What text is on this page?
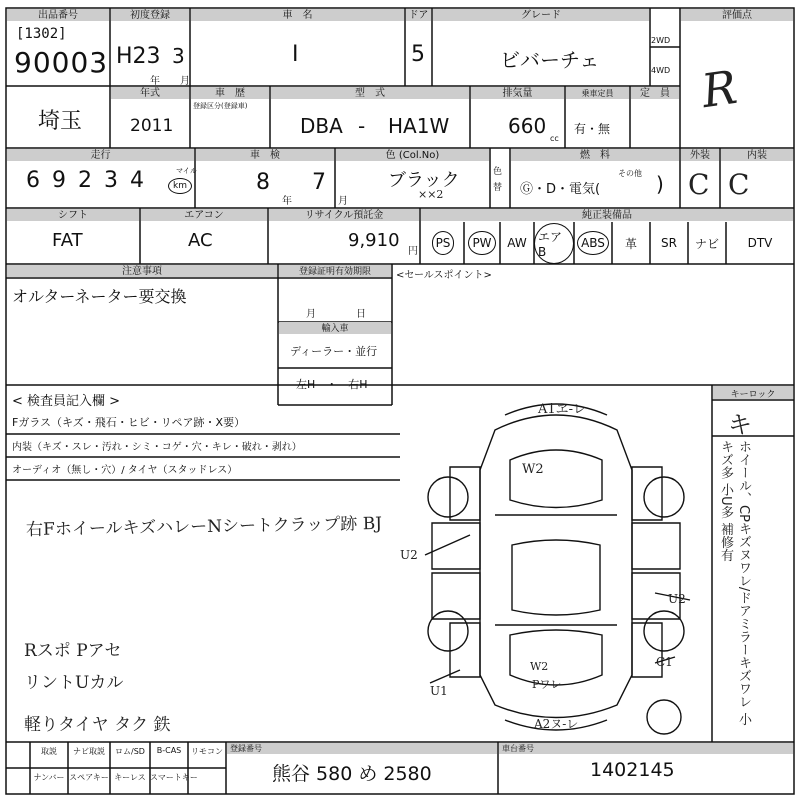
出品番号
[1302]
90003
初度登録
H23 3
年 月
車　名
I
ドア
5
グレード
ビバーチェ
2WD
4WD
評価点
R
埼玉
年式
2011
車　歴
登録区分(登録車)
型　式
DBA - HA1W
排気量
660
cc
乗車定員
有・無
定　員
走行
69234	マイル
km
車　検
8 7
年	月
色 (Col.No)
ブラック
××2
色替
燃　料
Ⓖ・D・電気(
その他 )
外装
C
内装
C
シフト
FAT
エアコン
AC
リサイクル預託金
9,910
円
純正装備品
PS	PW	AW エアB
ABS	革 SR ナビ DTV
注意事項
オルターネーター要交換
登録証明有効期限
月	日
輸入車
ディーラー・並行
左H　・　右H
<セールスポイント>
< 検査員記入欄 >
Fガラス（キズ・飛石・ヒビ・リペア跡・X要）
内装（キズ・スレ・汚れ・シミ・コゲ・穴・キレ・破れ・剥れ）
オーディオ（無し・穴）/ タイヤ（スタッドレス）
右FホイールキズハレーNシートクラップ跡 BJ
Rスポ Pアセ
リントUカル
軽りタイヤ タク 鉄
A1ヱ-レ
W2
U2
U2
C1
W2
Pワレ
U1
A2ヌ-レ
キーロック
キ
ホイール、CPキズヌワレ/ドアミラーキズワレ 小キズ多 小U多 補修有
取説	ナビ取説	ロム/SD	B-CAS	リモコン
ナンバー スペアキー キーレス スマートキー
登録番号
熊谷 580 め 2580
車台番号
1402145
